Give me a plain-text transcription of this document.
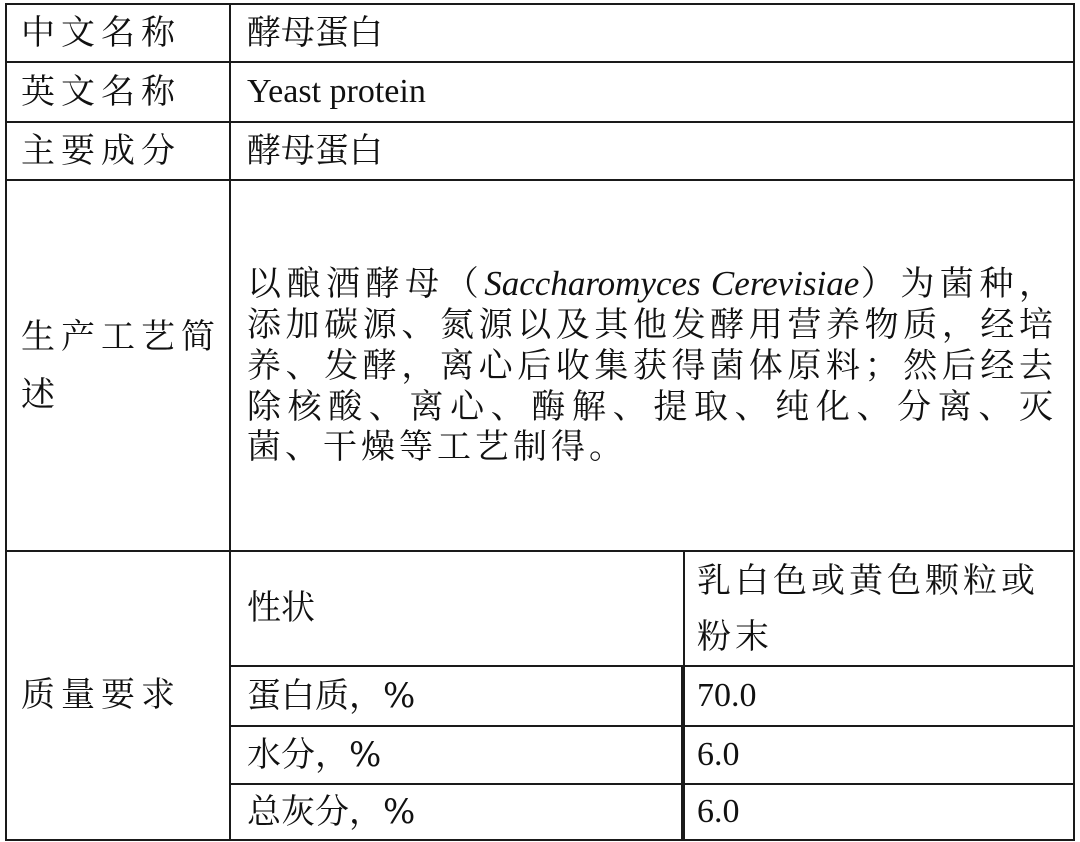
中文名称	酵母蛋白		
英文名称	Yeast protein		
主要成分	酵母蛋白		
生产工艺简述	以酿酒酵母（Saccharomyces Cerevisiae）为菌种，添加碳源、氮源以及其他发酵用营养物质，经培养、发酵，离心后收集获得菌体原料；然后经去除核酸、离心、酶解、提取、纯化、分离、灭菌、干燥等工艺制得。		
质量要求	性状		乳白色或黄色颗粒或粉末
	蛋白质，%		70.0
	水分，%		6.0
	总灰分，%		6.0
